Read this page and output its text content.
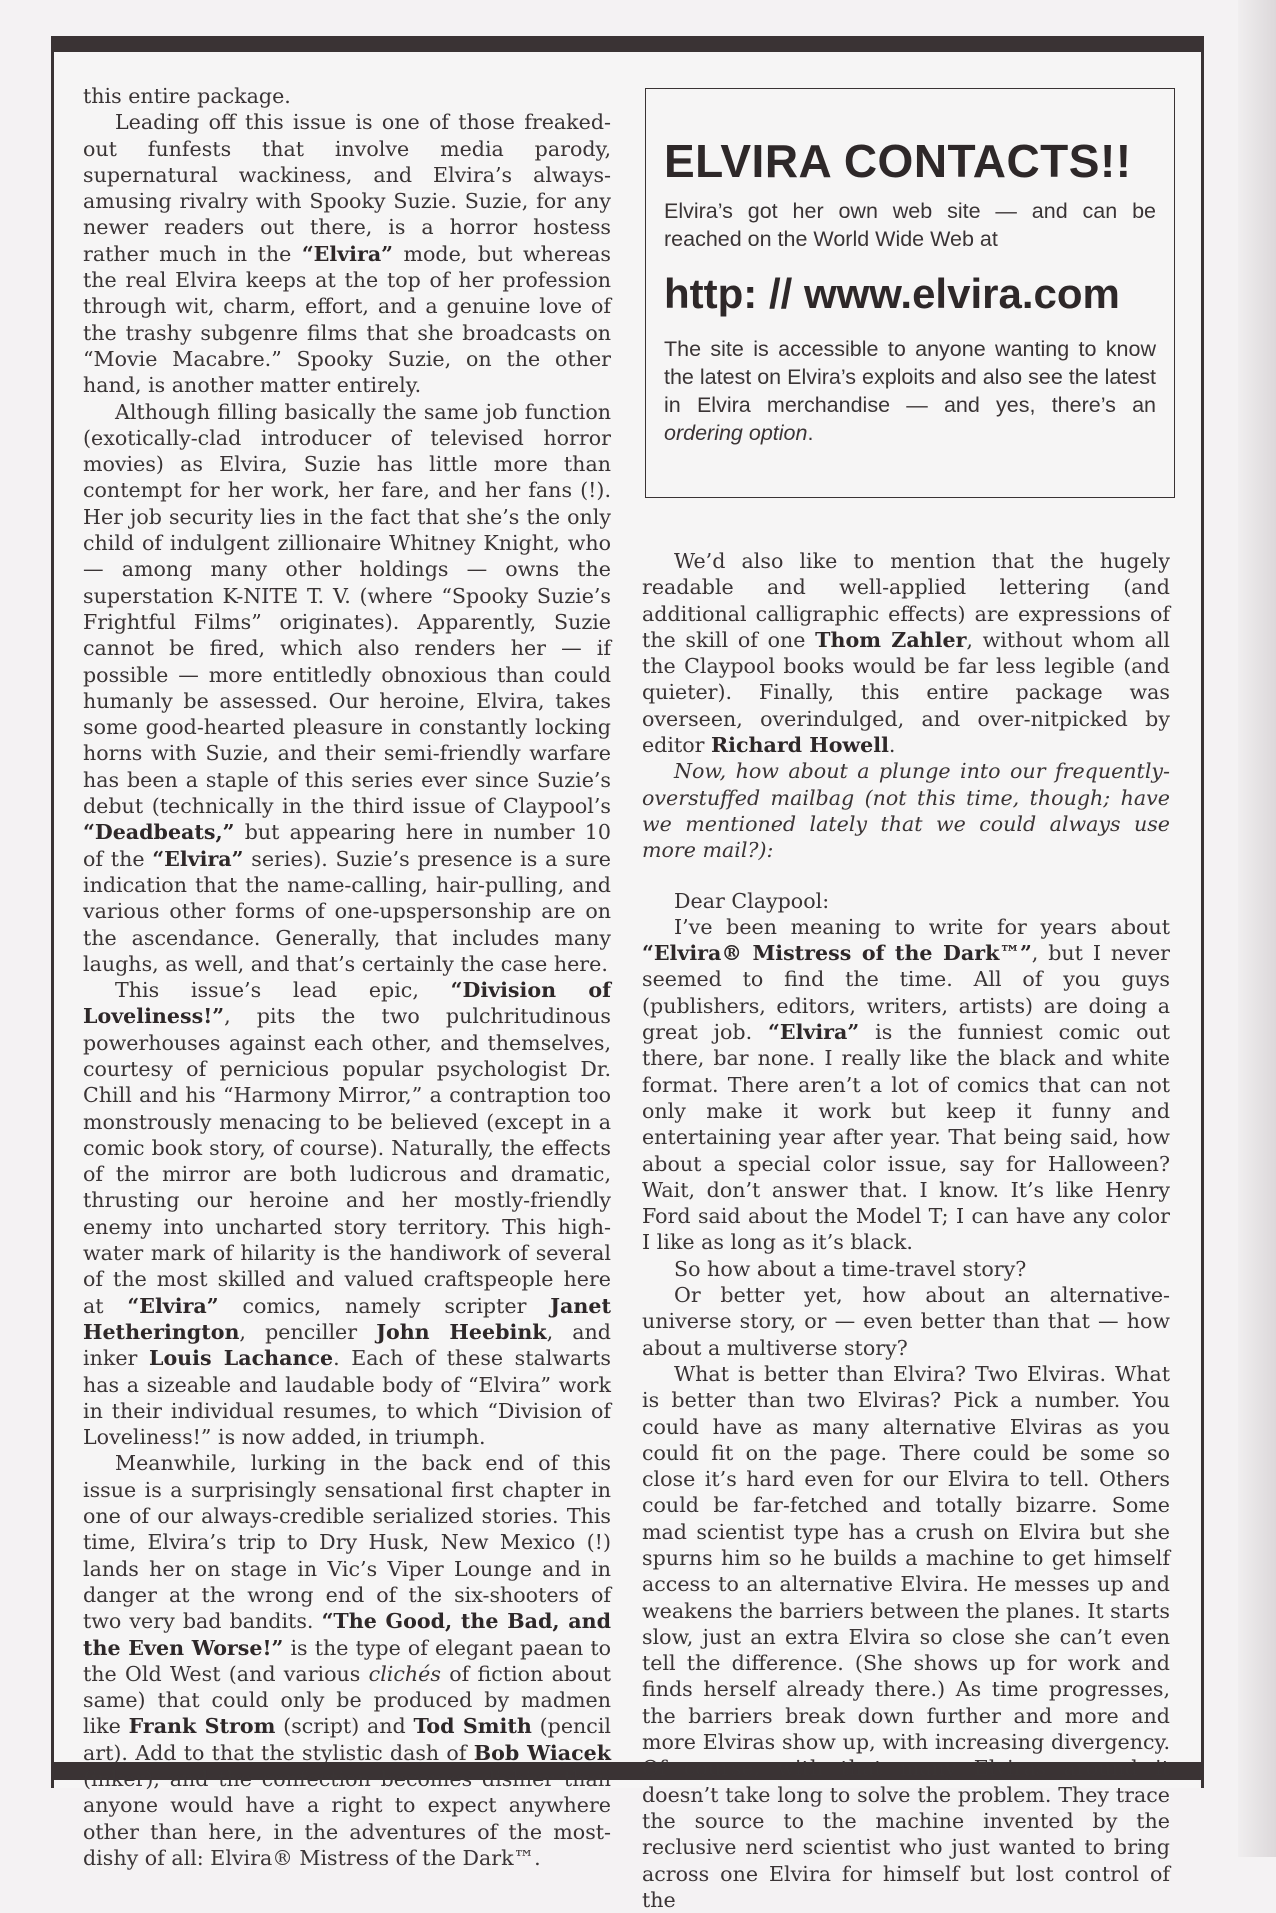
this entire package.

Leading off this issue is one of those freaked-out funfests that involve media parody, supernatural wackiness, and Elvira’s always-amusing rivalry with Spooky Suzie. Suzie, for any newer readers out there, is a horror hostess rather much in the “Elvira” mode, but whereas the real Elvira keeps at the top of her profession through wit, charm, effort, and a genuine love of the trashy subgenre films that she broadcasts on “Movie Macabre.” Spooky Suzie, on the other hand, is another matter entirely.

Although filling basically the same job function (exotically-clad introducer of televised horror movies) as Elvira, Suzie has little more than contempt for her work, her fare, and her fans (!). Her job security lies in the fact that she’s the only child of indulgent zillionaire Whitney Knight, who — among many other holdings — owns the superstation K-NITE T. V. (where “Spooky Suzie’s Frightful Films” originates). Apparently, Suzie cannot be fired, which also renders her — if possible — more entitledly obnoxious than could humanly be assessed. Our heroine, Elvira, takes some good-hearted pleasure in constantly locking horns with Suzie, and their semi-friendly warfare has been a staple of this series ever since Suzie’s debut (technically in the third issue of Claypool’s “Deadbeats,” but appearing here in number 10 of the “Elvira” series). Suzie’s presence is a sure indication that the name-calling, hair-pulling, and various other forms of one-upspersonship are on the ascendance. Generally, that includes many laughs, as well, and that’s certainly the case here.

This issue’s lead epic, “Division of Loveliness!”, pits the two pulchritudinous powerhouses against each other, and themselves, courtesy of pernicious popular psychologist Dr. Chill and his “Harmony Mirror,” a contraption too monstrously menacing to be believed (except in a comic book story, of course). Naturally, the effects of the mirror are both ludicrous and dramatic, thrusting our heroine and her mostly-friendly enemy into uncharted story territory. This high-water mark of hilarity is the handiwork of several of the most skilled and valued craftspeople here at “Elvira” comics, namely scripter Janet Hetherington, penciller John Heebink, and inker Louis Lachance. Each of these stalwarts has a sizeable and laudable body of “Elvira” work in their individual resumes, to which “Division of Loveliness!” is now added, in triumph.

Meanwhile, lurking in the back end of this issue is a surprisingly sensational first chapter in one of our always-credible serialized stories. This time, Elvira’s trip to Dry Husk, New Mexico (!) lands her on stage in Vic’s Viper Lounge and in danger at the wrong end of the six-shooters of two very bad bandits. “The Good, the Bad, and the Even Worse!” is the type of elegant paean to the Old West (and various clichés of fiction about same) that could only be produced by madmen like Frank Strom (script) and Tod Smith (pencil art). Add to that the stylistic dash of Bob Wiacek (inker), and the confection becomes dishier than anyone would have a right to expect anywhere other than here, in the adventures of the most-dishy of all: Elvira® Mistress of the Dark™.

ELVIRA CONTACTS!!
Elvira’s got her own web site — and can be reached on the World Wide Web at
http: // www.elvira.com
The site is accessible to anyone wanting to know the latest on Elvira’s exploits and also see the latest in Elvira merchandise — and yes, there’s an ordering option.

We’d also like to mention that the hugely readable and well-applied lettering (and additional calligraphic effects) are expressions of the skill of one Thom Zahler, without whom all the Claypool books would be far less legible (and quieter). Finally, this entire package was overseen, overindulged, and over-nitpicked by editor Richard Howell.

Now, how about a plunge into our frequently-overstuffed mailbag (not this time, though; have we mentioned lately that we could always use more mail?):

Dear Claypool:

I’ve been meaning to write for years about “Elvira® Mistress of the Dark™”, but I never seemed to find the time. All of you guys (publishers, editors, writers, artists) are doing a great job. “Elvira” is the funniest comic out there, bar none. I really like the black and white format. There aren’t a lot of comics that can not only make it work but keep it funny and entertaining year after year. That being said, how about a special color issue, say for Halloween? Wait, don’t answer that. I know. It’s like Henry Ford said about the Model T; I can have any color I like as long as it’s black.

So how about a time-travel story?

Or better yet, how about an alternative-universe story, or — even better than that — how about a multiverse story?

What is better than Elvira? Two Elviras. What is better than two Elviras? Pick a number. You could have as many alternative Elviras as you could fit on the page. There could be some so close it’s hard even for our Elvira to tell. Others could be far-fetched and totally bizarre. Some mad scientist type has a crush on Elvira but she spurns him so he builds a machine to get himself access to an alternative Elvira. He messes up and weakens the barriers between the planes. It starts slow, just an extra Elvira so close she can’t even tell the difference. (She shows up for work and finds herself already there.) As time progresses, the barriers break down further and more and more Elviras show up, with increasing divergency. Of course, with that many Elviras around it doesn’t take long to solve the problem. They trace the source to the machine invented by the reclusive nerd scientist who just wanted to bring across one Elvira for himself but lost control of the
